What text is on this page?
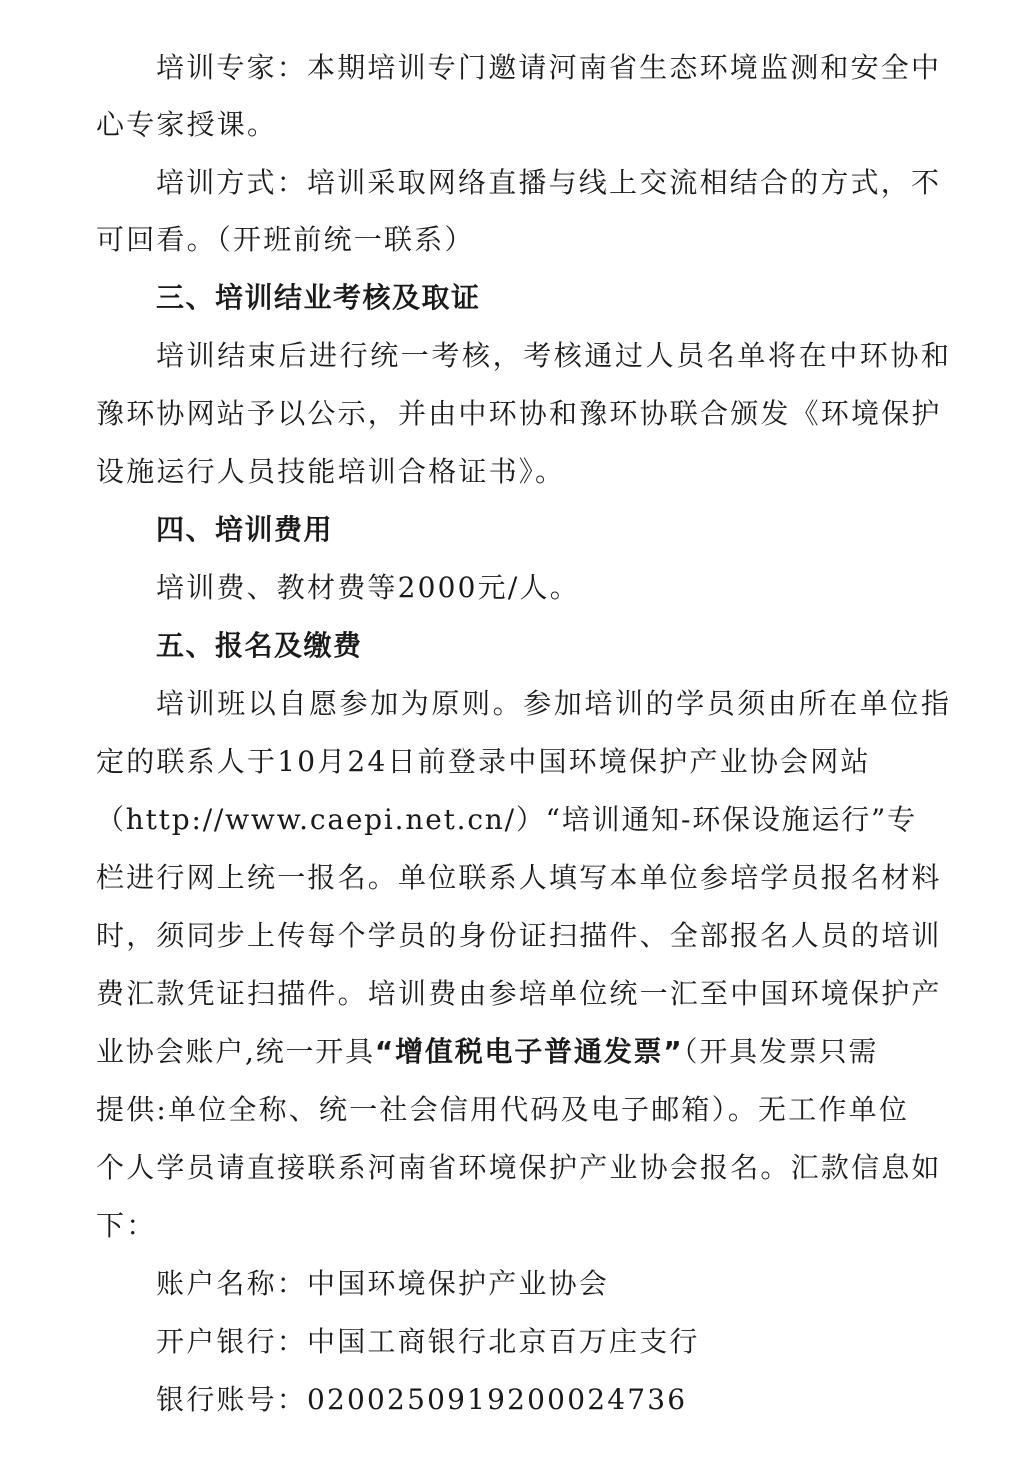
培训专家：本期培训专门邀请河南省生态环境监测和安全中
心专家授课。
培训方式：培训采取网络直播与线上交流相结合的方式，不
可回看。（开班前统一联系）
三、培训结业考核及取证
培训结束后进行统一考核，考核通过人员名单将在中环协和
豫环协网站予以公示，并由中环协和豫环协联合颁发《环境保护
设施运行人员技能培训合格证书》。
四、培训费用
培训费、教材费等2000元/人。
五、报名及缴费
培训班以自愿参加为原则。参加培训的学员须由所在单位指
定的联系人于10月24日前登录中国环境保护产业协会网站
（http://www.caepi.net.cn/）“培训通知-环保设施运行”专
栏进行网上统一报名。单位联系人填写本单位参培学员报名材料
时，须同步上传每个学员的身份证扫描件、全部报名人员的培训
费汇款凭证扫描件。培训费由参培单位统一汇至中国环境保护产
业协会账户,统一开具“增值税电子普通发票”（开具发票只需
提供:单位全称、统一社会信用代码及电子邮箱）。无工作单位
个人学员请直接联系河南省环境保护产业协会报名。汇款信息如
下：
账户名称：中国环境保护产业协会
开户银行：中国工商银行北京百万庄支行
银行账号：0200250919200024736
